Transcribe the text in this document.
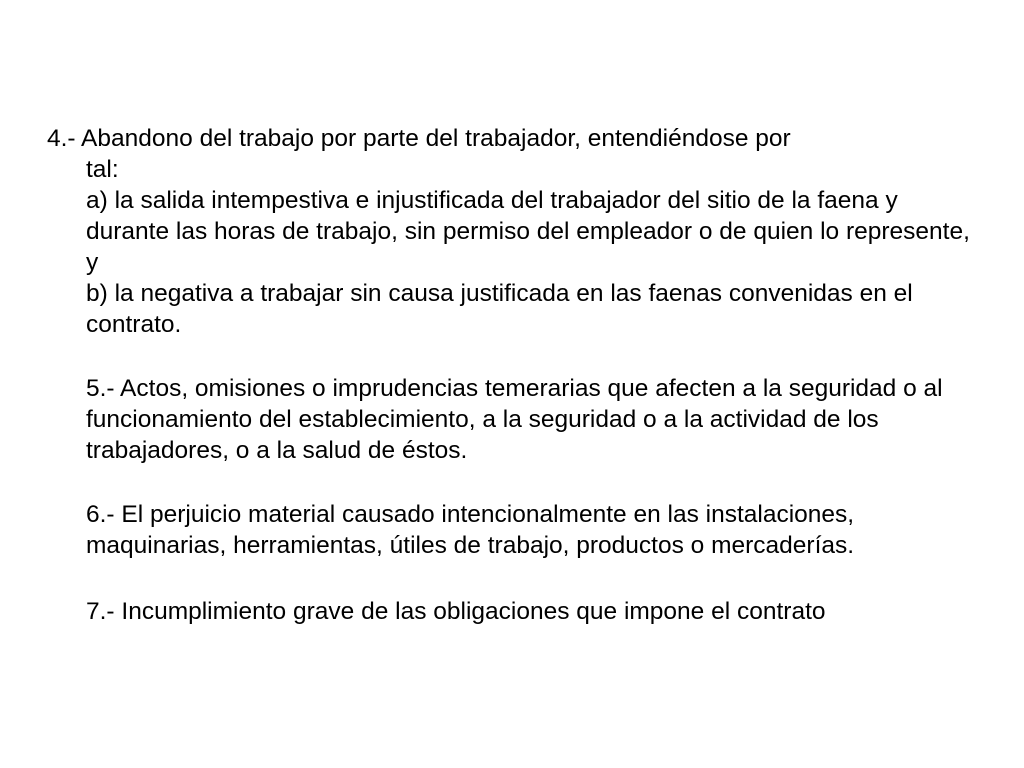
4.- Abandono del trabajo por parte del trabajador, entendiéndose por
tal:
a) la salida intempestiva e injustificada del trabajador del sitio de la faena y durante las horas de trabajo, sin permiso del empleador o de quien lo represente, y
b) la negativa a trabajar sin causa justificada en las faenas convenidas en el contrato.
5.- Actos, omisiones o imprudencias temerarias que afecten a la seguridad o al funcionamiento del establecimiento, a la seguridad o a la actividad de los trabajadores, o a la salud de éstos.
6.- El perjuicio material causado intencionalmente en las instalaciones, maquinarias, herramientas, útiles de trabajo, productos o mercaderías.
7.- Incumplimiento grave de las obligaciones que impone el contrato
